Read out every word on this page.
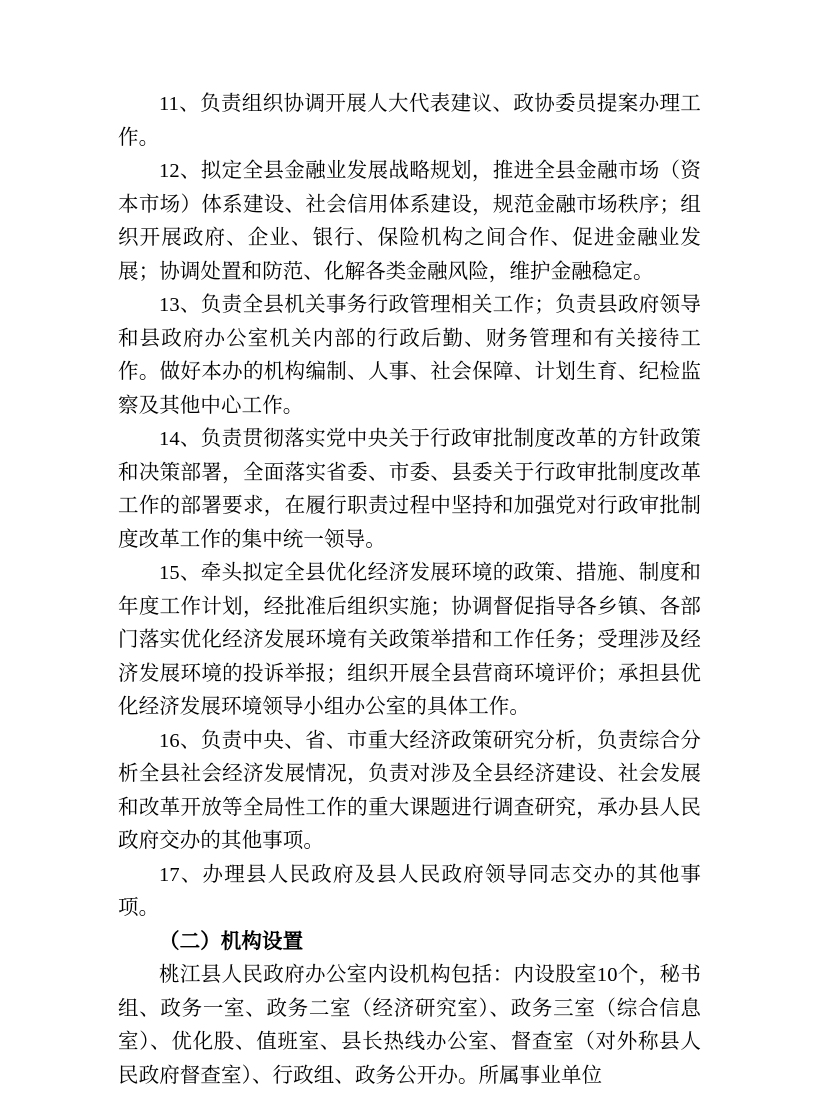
11、负责组织协调开展人大代表建议、政协委员提案办理工作。

12、拟定全县金融业发展战略规划，推进全县金融市场（资本市场）体系建设、社会信用体系建设，规范金融市场秩序；组织开展政府、企业、银行、保险机构之间合作、促进金融业发展；协调处置和防范、化解各类金融风险，维护金融稳定。

13、负责全县机关事务行政管理相关工作；负责县政府领导和县政府办公室机关内部的行政后勤、财务管理和有关接待工作。做好本办的机构编制、人事、社会保障、计划生育、纪检监察及其他中心工作。

14、负责贯彻落实党中央关于行政审批制度改革的方针政策和决策部署，全面落实省委、市委、县委关于行政审批制度改革工作的部署要求，在履行职责过程中坚持和加强党对行政审批制度改革工作的集中统一领导。

15、牵头拟定全县优化经济发展环境的政策、措施、制度和年度工作计划，经批准后组织实施；协调督促指导各乡镇、各部门落实优化经济发展环境有关政策举措和工作任务；受理涉及经济发展环境的投诉举报；组织开展全县营商环境评价；承担县优化经济发展环境领导小组办公室的具体工作。

16、负责中央、省、市重大经济政策研究分析，负责综合分析全县社会经济发展情况，负责对涉及全县经济建设、社会发展和改革开放等全局性工作的重大课题进行调查研究，承办县人民政府交办的其他事项。

17、办理县人民政府及县人民政府领导同志交办的其他事项。

（二）机构设置

桃江县人民政府办公室内设机构包括：内设股室10个，秘书组、政务一室、政务二室（经济研究室）、政务三室（综合信息室）、优化股、值班室、县长热线办公室、督查室（对外称县人民政府督查室）、行政组、政务公开办。所属事业单位
